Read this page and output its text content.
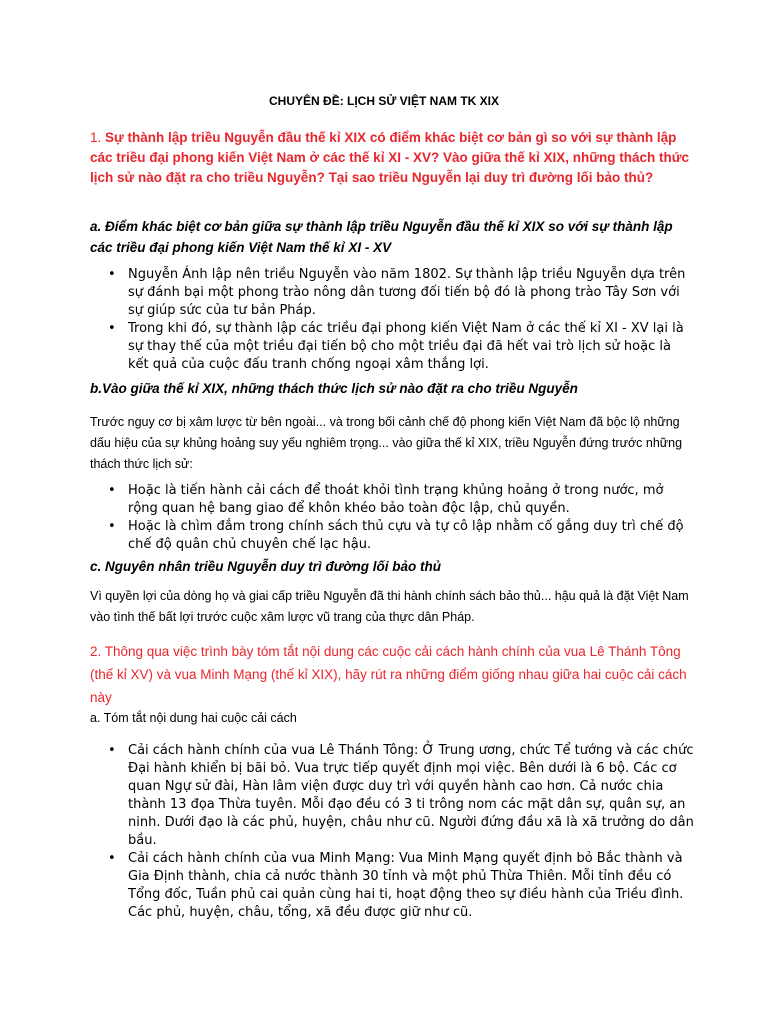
CHUYÊN ĐỀ: LỊCH SỬ VIỆT NAM TK XIX
1. Sự thành lập triều Nguyễn đầu thế kỉ XIX có điểm khác biệt cơ bản gì so với sự thành lập các triều đại phong kiến Việt Nam ở các thế kỉ XI - XV? Vào giữa thế kỉ XIX, những thách thức lịch sử nào đặt ra cho triều Nguyễn? Tại sao triều Nguyễn lại duy trì đường lối bảo thủ?
a. Điểm khác biệt cơ bản giữa sự thành lập triều Nguyễn đầu thế kỉ XIX so với sự thành lập các triều đại phong kiến Việt Nam thế kỉ XI - XV
• Nguyễn Ánh lập nên triều Nguyễn vào năm 1802. Sự thành lập triều Nguyễn dựa trên sự đánh bại một phong trào nông dân tương đối tiến bộ đó là phong trào Tây Sơn với sự giúp sức của tư bản Pháp.
• Trong khi đó, sự thành lập các triều đại phong kiến Việt Nam ở các thế kỉ XI - XV lại là sự thay thế của một triều đại tiến bộ cho một triều đại đã hết vai trò lịch sử hoặc là kết quả của cuộc đấu tranh chống ngoại xâm thắng lợi.
b.Vào giữa thế kỉ XIX, những thách thức lịch sử nào đặt ra cho triều Nguyễn
Trước nguy cơ bị xâm lược từ bên ngoài... và trong bối cảnh chế độ phong kiến Việt Nam đã bộc lộ những dấu hiệu của sự khủng hoảng suy yếu nghiêm trọng... vào giữa thế kỉ XIX, triều Nguyễn đứng trước những thách thức lịch sử:
• Hoặc là tiến hành cải cách để thoát khỏi tình trạng khủng hoảng ở trong nước, mở rộng quan hệ bang giao để khôn khéo bảo toàn độc lập, chủ quyền.
• Hoặc là chìm đắm trong chính sách thủ cựu và tự cô lập nhằm cố gắng duy trì chế độ chế độ quân chủ chuyên chế lạc hậu.
c. Nguyên nhân triều Nguyễn duy trì đường lối bảo thủ
Vì quyền lợi của dòng họ và giai cấp triều Nguyễn đã thi hành chính sách bảo thủ... hậu quả là đặt Việt Nam vào tình thế bất lợi trước cuộc xâm lược vũ trang của thực dân Pháp.
2. Thông qua việc trình bày tóm tắt nội dung các cuộc cải cách hành chính của vua Lê Thánh Tông (thế kỉ XV) và vua Minh Mạng (thế kỉ XIX), hãy rút ra những điểm giống nhau giữa hai cuộc cải cách này
a. Tóm tắt nội dung hai cuộc cải cách
• Cải cách hành chính của vua Lê Thánh Tông: Ở Trung ương, chức Tể tướng và các chức Đại hành khiển bị bãi bỏ. Vua trực tiếp quyết định mọi việc. Bên dưới là 6 bộ. Các cơ quan Ngự sử đài, Hàn lâm viện được duy trì với quyền hành cao hơn. Cả nước chia thành 13 đọa Thừa tuyên. Mỗi đạo đều có 3 ti trông nom các mặt dân sự, quân sự, an ninh. Dưới đạo là các phủ, huyện, châu như cũ. Người đứng đầu xã là xã trưởng do dân bầu.
• Cải cách hành chính của vua Minh Mạng: Vua Minh Mạng quyết định bỏ Bắc thành và Gia Định thành, chia cả nước thành 30 tỉnh và một phủ Thừa Thiên. Mỗi tỉnh đều có Tổng đốc, Tuần phủ cai quản cùng hai ti, hoạt động theo sự điều hành của Triều đình. Các phủ, huyện, châu, tổng, xã đều được giữ như cũ.
